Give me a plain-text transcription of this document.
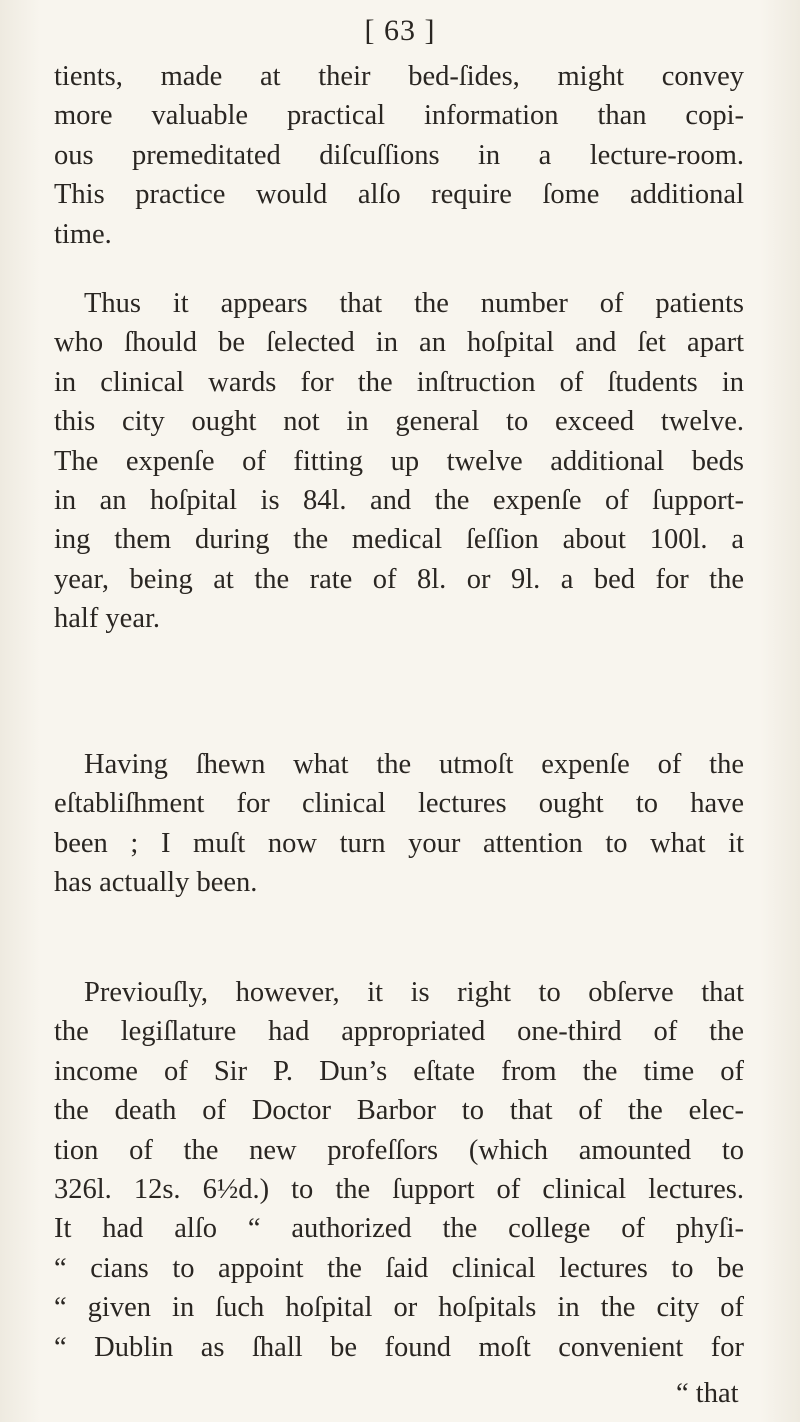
[ 63 ]
tients, made at their bed-ſides, might convey
more valuable practical information than copi-
ous premeditated diſcuſſions in a lecture-room.
This practice would alſo require ſome additional
time.
Thus it appears that the number of patients
who ſhould be ſelected in an hoſpital and ſet apart
in clinical wards for the inſtruction of ſtudents in
this city ought not in general to exceed twelve.
The expenſe of fitting up twelve additional beds
in an hoſpital is 84l. and the expenſe of ſupport-
ing them during the medical ſeſſion about 100l. a
year, being at the rate of 8l. or 9l. a bed for the
half year.
Having ſhewn what the utmoſt expenſe of the
eſtabliſhment for clinical lectures ought to have
been ; I muſt now turn your attention to what it
has actually been.
Previouſly, however, it is right to obſerve that
the legiſlature had appropriated one-third of the
income of Sir P. Dun’s eſtate from the time of
the death of Doctor Barbor to that of the elec-
tion of the new profeſſors (which amounted to
326l. 12s. 6½d.) to the ſupport of clinical lectures.
It had alſo “ authorized the college of phyſi-
“ cians to appoint the ſaid clinical lectures to be
“ given in ſuch hoſpital or hoſpitals in the city of
“ Dublin as ſhall be found moſt convenient for
“ that
